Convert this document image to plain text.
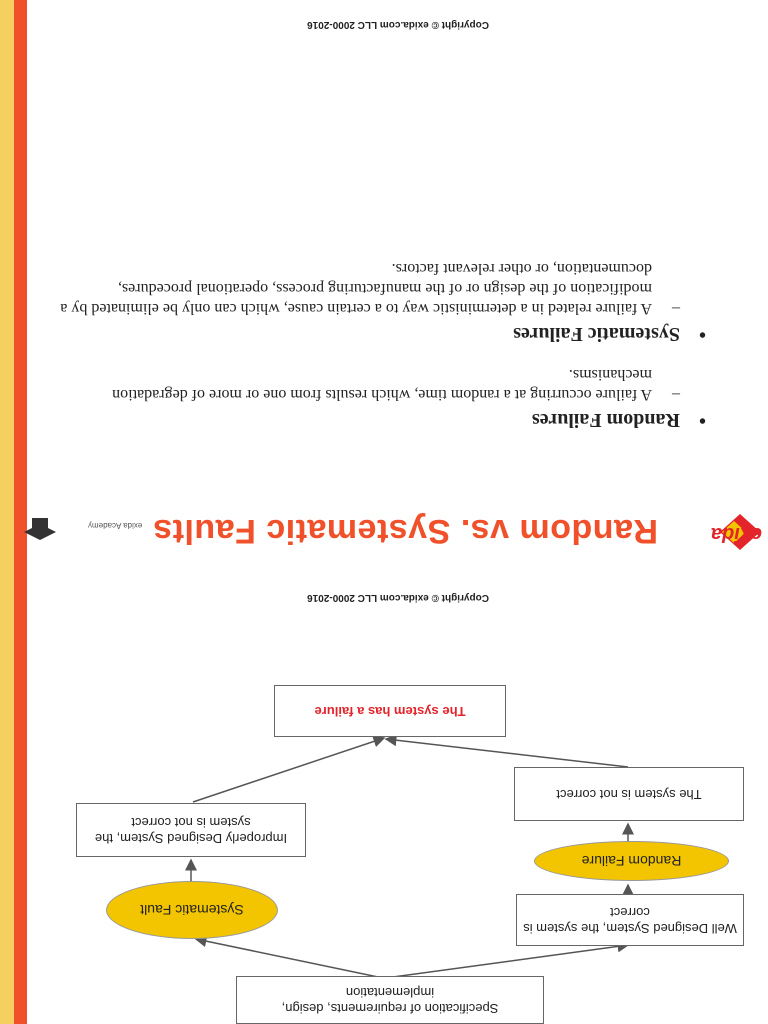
Specification of requirements, design, implementation
Well Designed System, the system is correct
Random Failure
The system is not correct
Systematic Fault
Improperly Designed System, the system is not correct
The system has a failure
Copyright © exida.com LLC 2000-2016
exida
exida Academy Random vs. Systematic Faults
• Random Failures
–
A failure occurring at a random time, which results from one or more of degradation mechanisms.
• Systematic Failures
–
A failure related in a deterministic way to a certain cause, which can only be eliminated by a modification of the design or of the manufacturing process, operational procedures, documentation, or other relevant factors.
Copyright © exida.com LLC 2000-2016
